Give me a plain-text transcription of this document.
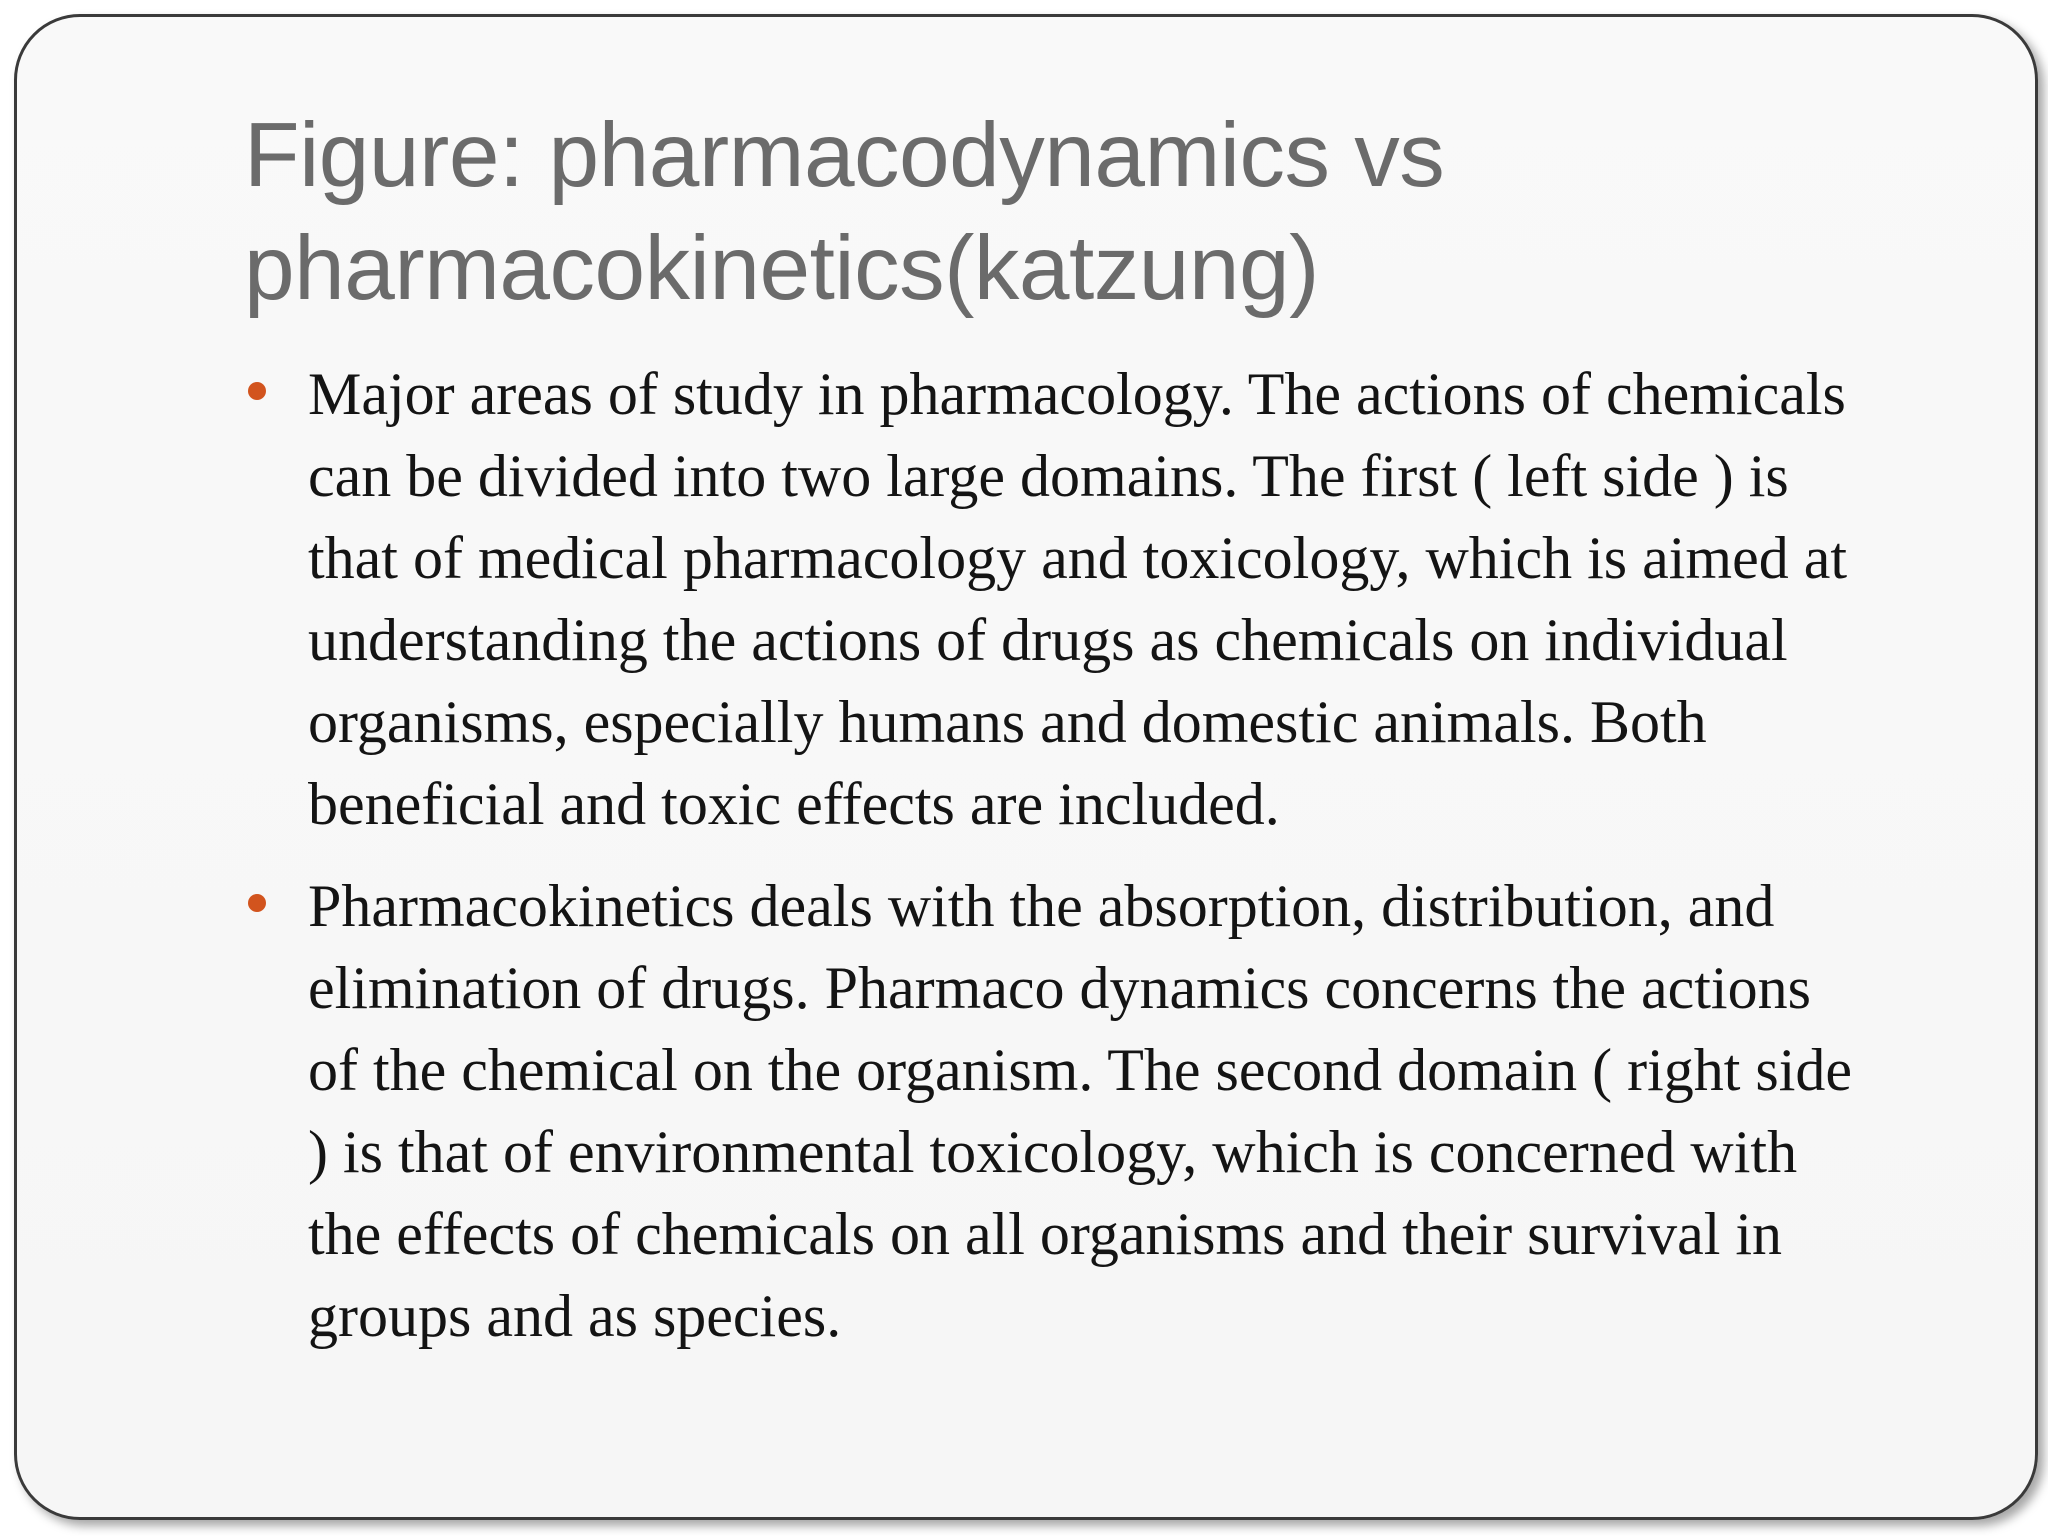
Figure: pharmacodynamics vs
pharmacokinetics(katzung)
Major areas of study in pharmacology. The actions of chemicals
can be divided into two large domains. The first ( left side ) is
that of medical pharmacology and toxicology, which is aimed at
understanding the actions of drugs as chemicals on individual
organisms, especially humans and domestic animals. Both
beneficial and toxic effects are included.
Pharmacokinetics deals with the absorption, distribution, and
elimination of drugs. Pharmaco dynamics concerns the actions
of the chemical on the organism. The second domain ( right side
) is that of environmental toxicology, which is concerned with
the effects of chemicals on all organisms and their survival in
groups and as species.
